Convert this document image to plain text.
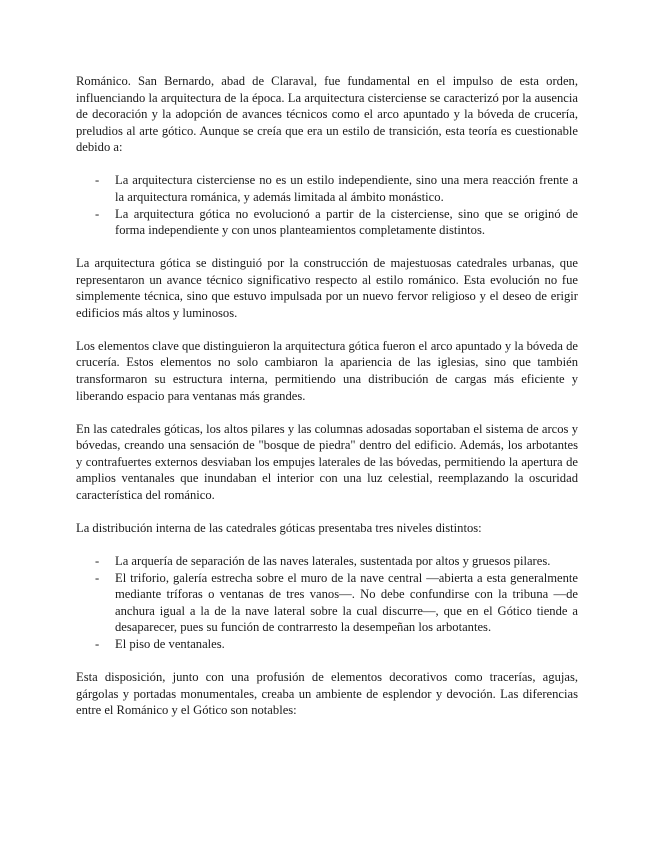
Románico. San Bernardo, abad de Claraval, fue fundamental en el impulso de esta orden, influenciando la arquitectura de la época. La arquitectura cisterciense se caracterizó por la ausencia de decoración y la adopción de avances técnicos como el arco apuntado y la bóveda de crucería, preludios al arte gótico. Aunque se creía que era un estilo de transición, esta teoría es cuestionable debido a:

- La arquitectura cisterciense no es un estilo independiente, sino una mera reacción frente a la arquitectura románica, y además limitada al ámbito monástico.
- La arquitectura gótica no evolucionó a partir de la cisterciense, sino que se originó de forma independiente y con unos planteamientos completamente distintos.

La arquitectura gótica se distinguió por la construcción de majestuosas catedrales urbanas, que representaron un avance técnico significativo respecto al estilo románico. Esta evolución no fue simplemente técnica, sino que estuvo impulsada por un nuevo fervor religioso y el deseo de erigir edificios más altos y luminosos.

Los elementos clave que distinguieron la arquitectura gótica fueron el arco apuntado y la bóveda de crucería. Estos elementos no solo cambiaron la apariencia de las iglesias, sino que también transformaron su estructura interna, permitiendo una distribución de cargas más eficiente y liberando espacio para ventanas más grandes.

En las catedrales góticas, los altos pilares y las columnas adosadas soportaban el sistema de arcos y bóvedas, creando una sensación de "bosque de piedra" dentro del edificio. Además, los arbotantes y contrafuertes externos desviaban los empujes laterales de las bóvedas, permitiendo la apertura de amplios ventanales que inundaban el interior con una luz celestial, reemplazando la oscuridad característica del románico.

La distribución interna de las catedrales góticas presentaba tres niveles distintos:

- La arquería de separación de las naves laterales, sustentada por altos y gruesos pilares.
- El triforio, galería estrecha sobre el muro de la nave central —abierta a esta generalmente mediante tríforas o ventanas de tres vanos—. No debe confundirse con la tribuna —de anchura igual a la de la nave lateral sobre la cual discurre—, que en el Gótico tiende a desaparecer, pues su función de contrarresto la desempeñan los arbotantes.
- El piso de ventanales.

Esta disposición, junto con una profusión de elementos decorativos como tracerías, agujas, gárgolas y portadas monumentales, creaba un ambiente de esplendor y devoción. Las diferencias entre el Románico y el Gótico son notables:
